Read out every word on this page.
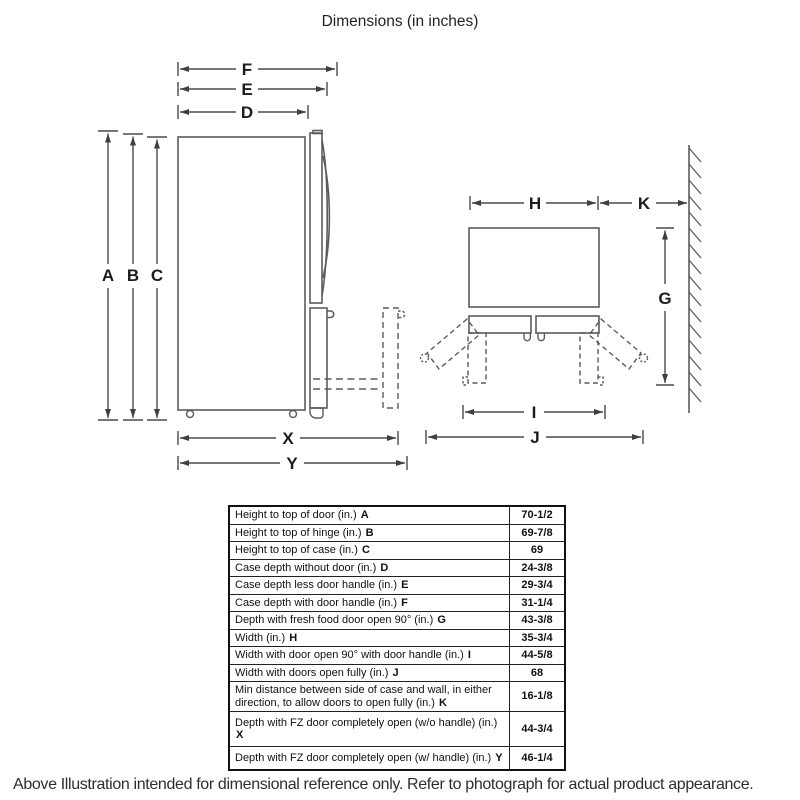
Dimensions (in inches)
F
E
D
A B C
X
Y
H	K
G
I
J
Height to top of door (in.) A	70-1/2
Height to top of hinge (in.) B	69-7/8
Height to top of case (in.) C	69
Case depth without door (in.) D	24-3/8
Case depth less door handle (in.) E	29-3/4
Case depth with door handle (in.) F	31-1/4
Depth with fresh food door open 90° (in.) G	43-3/8
Width (in.) H	35-3/4
Width with door open 90° with door handle (in.) I	44-5/8
Width with doors open fully (in.) J	68
Min distance between side of case and wall, in either direction, to allow doors to open fully (in.) K	16-1/8
Depth with FZ door completely open (w/o handle) (in.) X	44-3/4
Depth with FZ door completely open (w/ handle) (in.) Y	46-1/4
Above Illustration intended for dimensional reference only. Refer to photograph for actual product appearance.
